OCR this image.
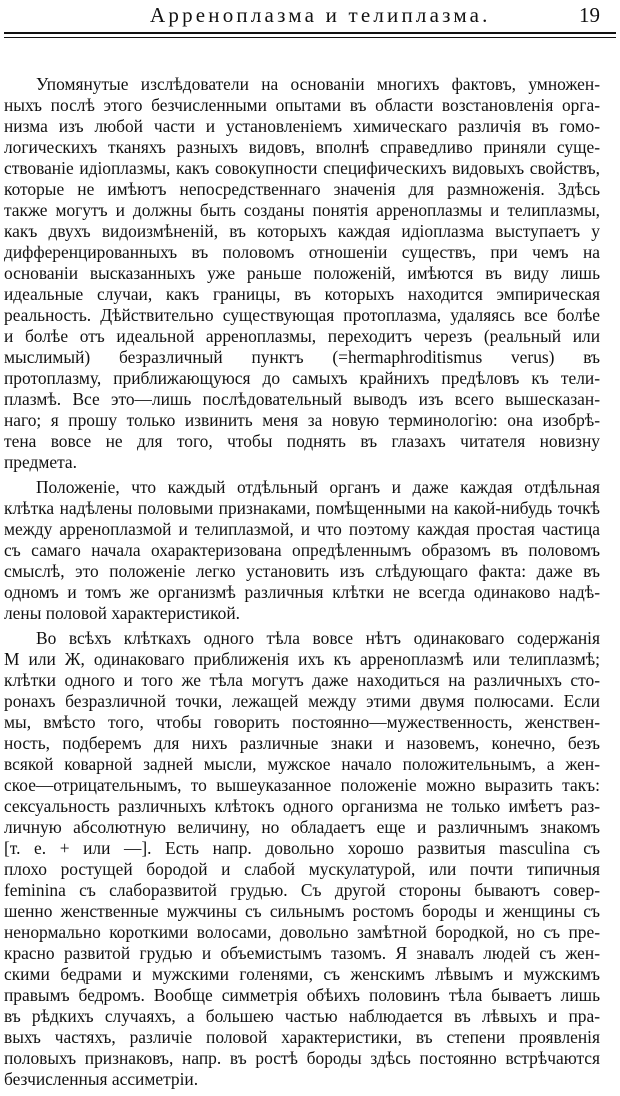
Арреноплазма и телиплазма.	19
Упомянутые изслѣдователи на основаніи многихъ фактовъ, умножен-
ныхъ послѣ этого безчисленными опытами въ области возстановленія орга-
низма изъ любой части и установленіемъ химическаго различія въ гомо-
логическихъ тканяхъ разныхъ видовъ, вполнѣ справедливо приняли суще-
ствованіе идіоплазмы, какъ совокупности специфическихъ видовыхъ свойствъ,
которые не имѣютъ непосредственнаго значенія для размноженія. Здѣсь
также могутъ и должны быть созданы понятія арреноплазмы и телиплазмы,
какъ двухъ видоизмѣненій, въ которыхъ каждая идіоплазма выступаетъ у
диффеpенцированныхъ въ половомъ отношеніи существъ, при чемъ на
основаніи высказанныхъ уже раньше положеній, имѣются въ виду лишь
идеальные случаи, какъ границы, въ которыхъ находится эмпирическая
реальность. Дѣйствительно существующая протоплазма, удаляясь все болѣе
и болѣе отъ идеальной арреноплазмы, переходитъ черезъ (реальный или
мыслимый) безразличный пунктъ (=hermaphroditismus verus) въ
протоплазму, приближающуюся до самыхъ крайнихъ предѣловъ къ тели-
плазмѣ. Все это—лишь послѣдовательный выводъ изъ всего вышесказан-
наго; я прошу только извинить меня за новую терминологію: она изобрѣ-
тена вовсе не для того, чтобы поднять въ глазахъ читателя новизну
предмета.
Положеніе, что каждый отдѣльный органъ и даже каждая отдѣльная
клѣтка надѣлены половыми признаками, помѣщенными на какой-нибудь точкѣ
между арреноплазмой и телиплазмой, и что поэтому каждая простая частица
съ самаго начала охарактеризована опредѣленнымъ образомъ въ половомъ
смыслѣ, это положеніе легко установить изъ слѣдующаго факта: даже въ
одномъ и томъ же организмѣ различныя клѣтки не всегда одинаково надѣ-
лены половой характеристикой.
Во всѣхъ клѣткахъ одного тѣла вовсе нѣтъ одинаковаго содержанія
M или Ж, одинаковаго приближенія ихъ къ арреноплазмѣ или телиплазмѣ;
клѣтки одного и того же тѣла могутъ даже находиться на различныхъ сто-
ронахъ безразличной точки, лежащей между этими двумя полюсами. Если
мы, вмѣсто того, чтобы говорить постоянно—мужественность, женствен-
ность, подберемъ для нихъ различные знаки и назовемъ, конечно, безъ
всякой коварной задней мысли, мужское начало положительнымъ, а жен-
ское—отрицательнымъ, то вышеуказанное положеніе можно выразить такъ:
сексуальность различныхъ клѣтокъ одного организма не только имѣетъ раз-
личную абсолютную величину, но обладаетъ еще и различнымъ знакомъ
[т. е. + или —]. Есть напр. довольно хорошо развитыя masculina съ
плохо ростущей бородой и слабой мускулатурой, или почти типичныя
feminina съ слаборазвитой грудью. Съ другой стороны бываютъ совер-
шенно женственные мужчины съ сильнымъ ростомъ бороды и женщины съ
ненормально короткими волосами, довольно замѣтной бородкой, но съ пре-
красно развитой грудью и объемистымъ тазомъ. Я знавалъ людей съ жен-
скими бедрами и мужскими голенями, съ женскимъ лѣвымъ и мужскимъ
правымъ бедромъ. Вообще симметрія обѣихъ половинъ тѣла бываетъ лишь
въ рѣдкихъ случаяхъ, а большею частью наблюдается въ лѣвыхъ и пра-
выхъ частяхъ, различіе половой характеристики, въ степени проявленія
половыхъ признаковъ, напр. въ ростѣ бороды здѣсь постоянно встрѣчаются
безчисленныя ассиметріи.
